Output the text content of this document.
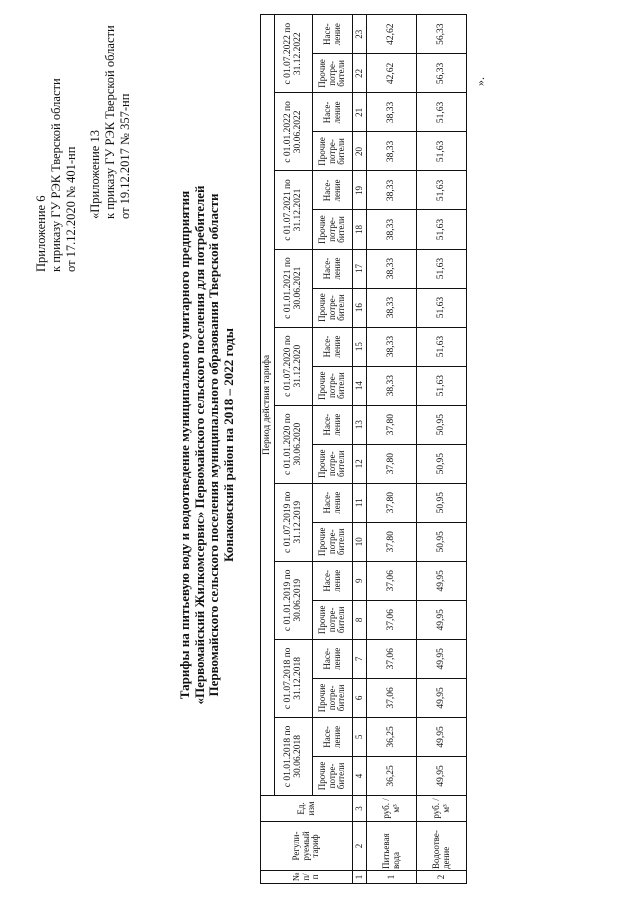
Приложение 6 к приказу ГУ РЭК Тверской области от 17.12.2020 № 401-нп «Приложение 13 к приказу ГУ РЭК Тверской области от 19.12.2017 № 357-нп
Тарифы на питьевую воду и водоотведение муниципального унитарного предприятия «Первомайский Жилкомсервис» Первомайского сельского поселения для потребителей Первомайского сельского поселения муниципального образования Тверской области Конаковский район на 2018 – 2022 годы
№ п/п	Регули-руемый тариф	Ед. изм	Период действия тарифа																			
			с 01.01.2018 по 30.06.2018		с 01.07.2018 по 31.12.2018		с 01.01.2019 по 30.06.2019		с 01.07.2019 по 31.12.2019		с 01.01.2020 по 30.06.2020		с 01.07.2020 по 31.12.2020		с 01.01.2021 по 30.06.2021		с 01.07.2021 по 31.12.2021		с 01.01.2022 по 30.06.2022		с 01.07.2022 по 31.12.2022	
			Прочие потре-бители	Насе-ление	Прочие потре-бители	Насе-ление	Прочие потре-бители	Насе-ление	Прочие потре-бители	Насе-ление	Прочие потре-бители	Насе-ление	Прочие потре-бители	Насе-ление	Прочие потре-бители	Насе-ление	Прочие потре-бители	Насе-ление	Прочие потре-бители	Насе-ление	Прочие потре-бители	Насе-ление
1	2	3	4	5	6	7	8	9	10	11	12	13	14	15	16	17	18	19	20	21	22	23
1	Питьевая вода	руб. /м³	36,25	36,25	37,06	37,06	37,06	37,06	37,80	37,80	37,80	37,80	38,33	38,33	38,33	38,33	38,33	38,33	38,33	38,33	42,62	42,62
2	Водоотве-дение	руб. /м³	49,95	49,95	49,95	49,95	49,95	49,95	50,95	50,95	50,95	50,95	51,63	51,63	51,63	51,63	51,63	51,63	51,63	51,63	56,33	56,33
».
